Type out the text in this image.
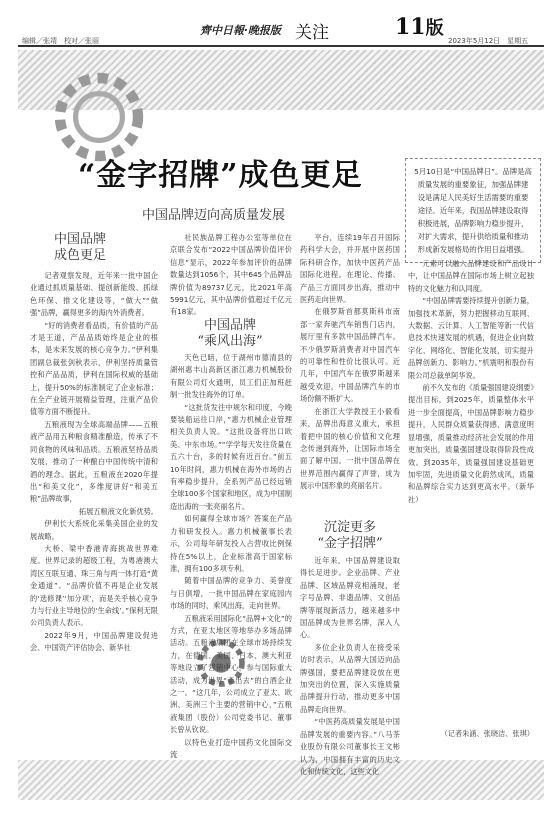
编辑／张靖　校对／张丽
齊中日報·晚报版 关注	11版
2023年5月12日　星期五
“金字招牌”成色更足
中国品牌迈向高质量发展
5月10日是“中国品牌日”。品牌是高质量发展的重要象征，加强品牌建设是满足人民美好生活需要的重要途径。近年来，我国品牌建设取得积极进展，品牌影响力稳步提升，对扩大需求，提升供给质量和推动形成新发展格局的作用日益增强。
中国品牌
成色更足

记者观察发现，近年来一批中国企业通过抓质量基础、提创新能级、抓绿色环保、推文化建设等，“做大”“做强”品牌，赢得更多的海内外消费者。

“好的消费者看品质，有价值的产品才是王道，产品品质始终是企业的根本，是未来发展的核心竞争力。”伊利集团副总裁张剑秋表示，伊利坚持质量管控和产品品质，伊利在国际权威的基础上，提升50%的标准制定了企业标准；在全产业链开展精益管理，注重产品价值等方面不断提升。

五粮液现为全球高端品牌——五粮液产品用五种粮食精准酿造，传承了不同食物的风味和品质。五粮液坚持品质发展，推动了一种酿白中国传统中清和酒的理念。据此，五粮液在2020年提出“和美文化”，多维度讲好“和美五粮”品牌故事，

拓展五粮液文化新优势。

伊利长大系统化采集美国企业的发展战略。

大桥、梁中香港青海挑战世界难度。世界记录的超级工程，为粤港澳大湾区互联互通、珠三角与两一体打造“黄金通道”。“品牌价值不再是企业发展的‘选修课’‘加分项’，而是关乎核心竞争力与行业主导地位的‘生命线’。”保利无限公司负责人表示。

2022年9月，中国品牌建设促进会、中国资产评估协会、新华社

社民族品牌工程办公室等单位在京联合发布“2022中国品牌价值评价信息”显示，2022年参加评价的品牌数量达到1056个，其中645个品牌品牌价值为89737亿元，比2021年高5991亿元，其中品牌价值超过千亿元有18家。

中国品牌
“乘风出海”

天色已暗，位于湖州市德清县的湖州惠丰山高新区浙江惠力机械股份有限公司灯火通明，员工们正加班赶制一批发往海外的订单。

“这批货发往中规尔和印度，今晚要装船运往口岸，”惠力机械企业管理相关负责人说。“这批设备将出口欧美、中东市场。”“学学每天发往货量在五六十台，多的时候有近百台。”前五10年时间，惠力机械在海外市场的占有率稳步提升，全系列产品已经远销全球100多个国家和地区，成为中国制造出海的一张亮丽名片。

如何赢得全球市场？答案在产品力和研发投入。惠力机械董事长表示，公司每年研发投入占营收比例保持在5%以上，企业标准高于国家标准，拥有100多项专利。

随着中国品牌的竞争力、美誉度与日俱增，一批中国品牌在家庭园内市场的同时，乘风出海，走向世界。

五粮液采用国际化“品牌+文化”的方式，在亚太地区等地举办多场品牌活动。五粮液集团在全球市场持续发力，在德国、美国、日本、澳大利亚等地设立了营销中心，参与国际重大活动，成为世界“走出去”的白酒企业之一。“这几年，公司成立了亚太、欧洲、美洲三个主要的营销中心，”五粮液集团（股份）公司党委书记、董事长曾从钦说。

以特色业打造中国药文化国际交流

平台，连续19年召开国际药科学大会，并开展中医药国际科研合作，加快中医药产品国际化进程。在理论、传播、产品三方面同步出海，推动中医药走向世界。

在俄罗斯首都莫斯科市南部一家奔驰汽车销售门店内，展厅里有多款中国品牌汽车。不少俄罗斯消费者对中国汽车的可靠性和性价比很认可。近几年，中国汽车在俄罗斯越来越受欢迎，中国品牌汽车的市场份额不断扩大。

在浙江大学教授王小毅看来，品牌出海意义重大，承担着把中国的核心价值和文化理念传递到海外，让国际市场全面了解中国。一批中国品牌在世界范围内赢得了声誉，成为展示中国形象的亮丽名片。

沉淀更多
“金字招牌”

近年来，中国品牌建设取得长足进步。企业品牌、产业品牌、区域品牌竞相涌现，老字号品牌、非遗品牌、文创品牌等展现新活力，越来越多中国品牌成为世界名牌，深入人心。

多位企业负责人在接受采访时表示，从品牌大国迈向品牌强国，要把品牌建设放在更加突出的位置，深入实施质量品牌提升行动，推动更多中国品牌走向世界。

“中医药高质量发展是中国品牌发展的重要内容。”八马茶业股份有限公司董事长王文彬认为，中国拥有丰富的历史文化和传统文化，这些文化

元素可以融入品牌建设和产品设计中，让中国品牌在国际市场上树立起独特的文化魅力和认同度。

“中国品牌需要持续提升创新力量，加强技术革新，努力把握移动互联网、大数据、云计算、人工智能等新一代信息技术快速发展的机遇，促进企业向数字化、网络化、智能化发展，切实提升品牌创新力、影响力。”机震明和股份有限公司总裁单阿华说。

前不久发布的《质量强国建设纲要》提出目标，到2025年，质量整体水平进一步全面提高，中国品牌影响力稳步提升，人民群众质量获得感、满意度明显增强，质量推动经济社会发展的作用更加突出，质量强国建设取得阶段性成效。到2035年，质量强国建设基础更加牢固，先进质量文化蔚然成风，质量和品牌综合实力达到更高水平。（新华社）

（记者朱涵、张晓洁、张琪）
